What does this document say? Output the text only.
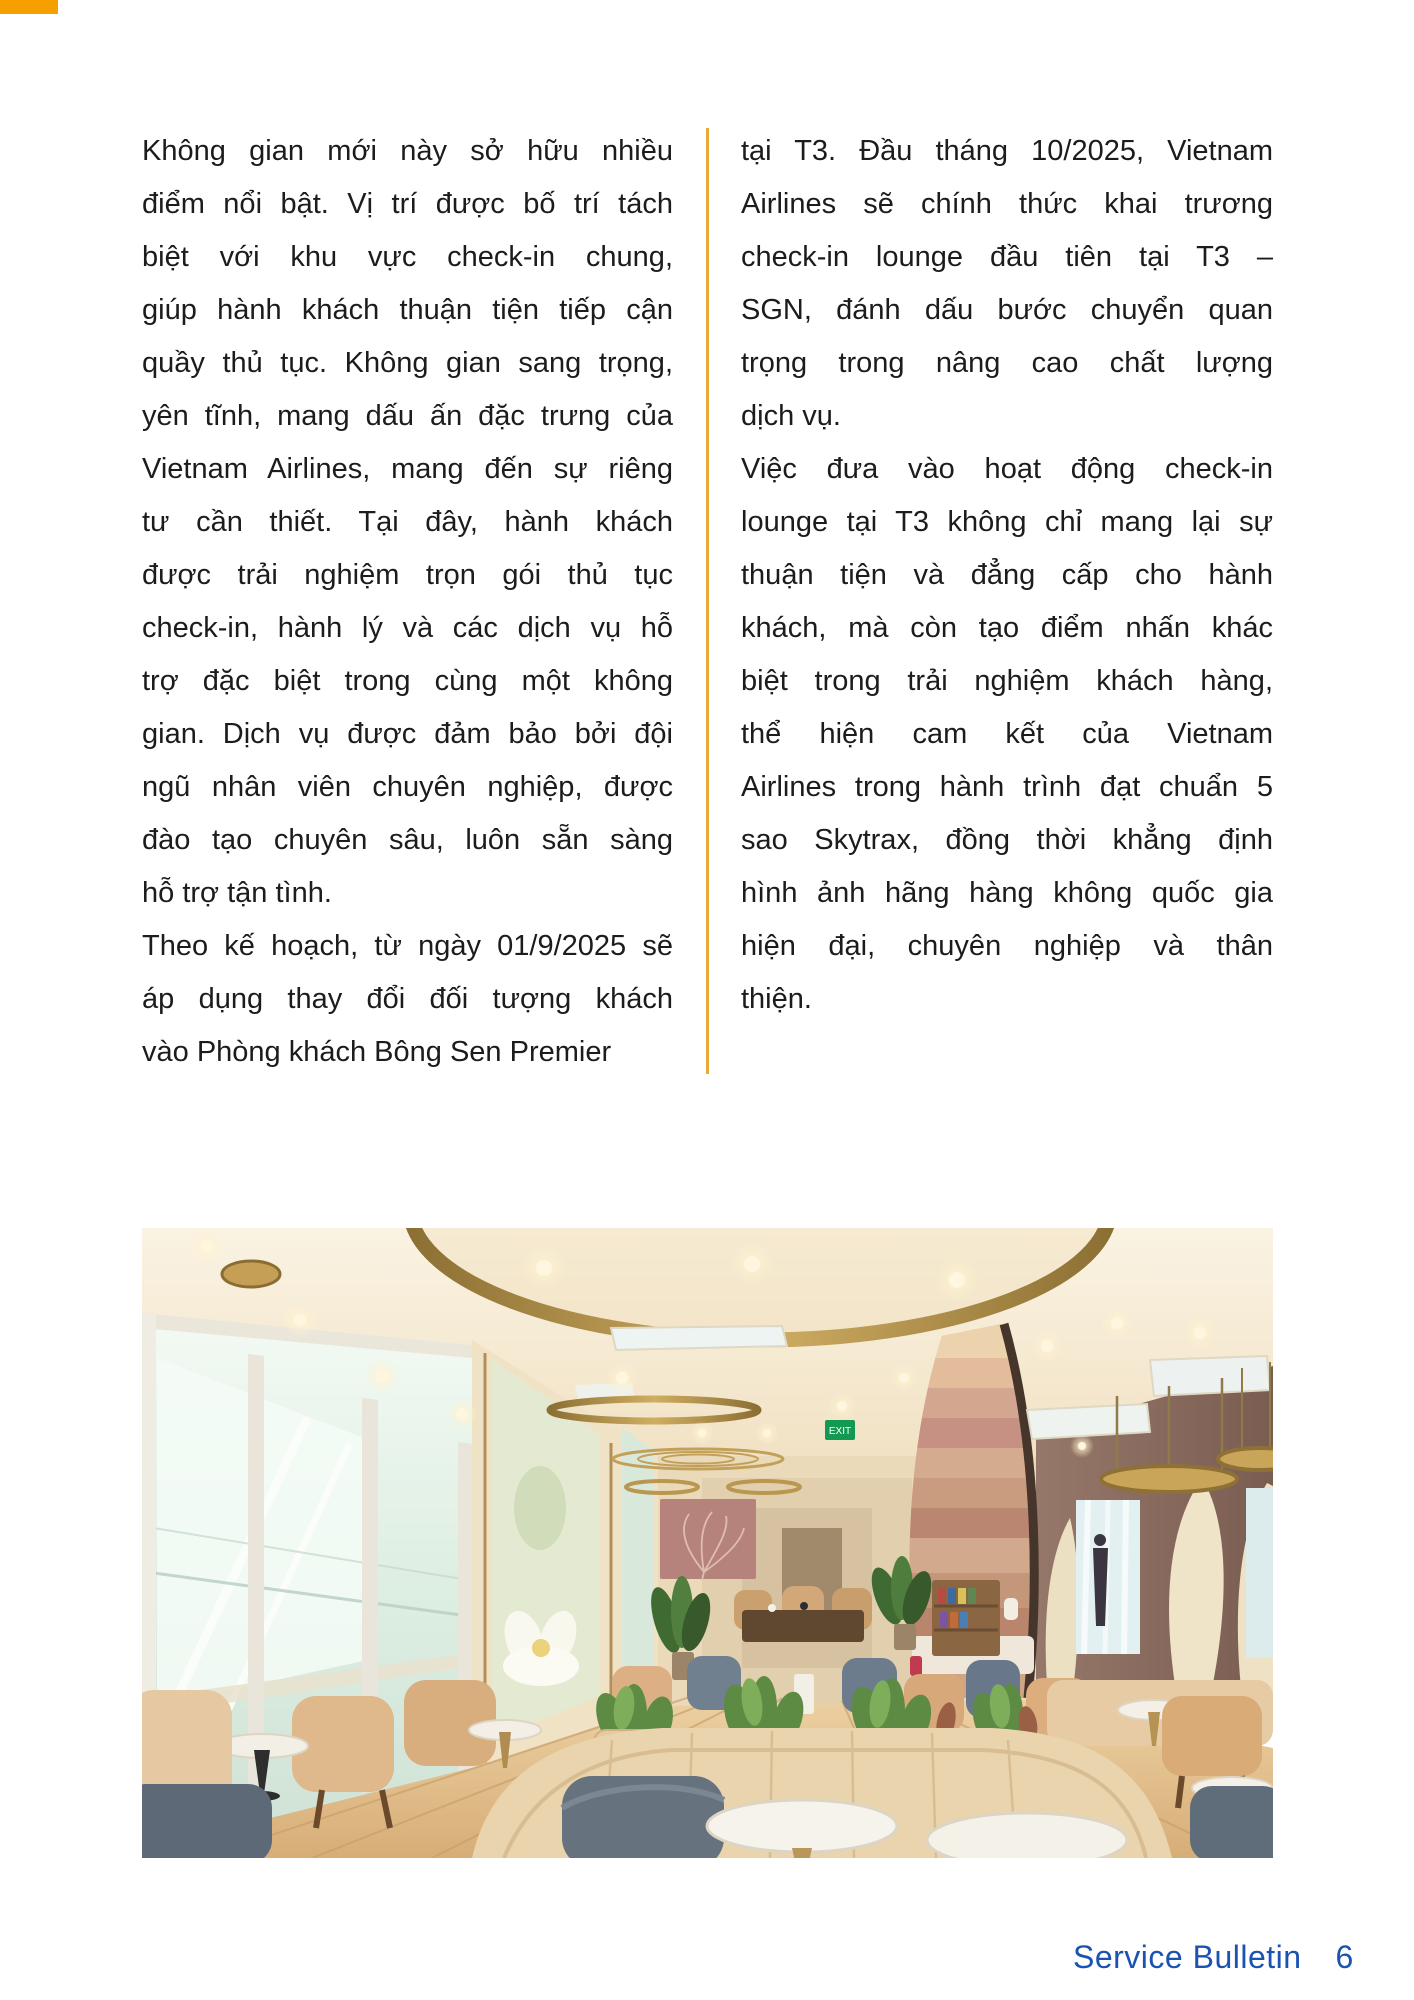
Không gian mới này sở hữu nhiều
điểm nổi bật. Vị trí được bố trí tách
biệt với khu vực check-in chung,
giúp hành khách thuận tiện tiếp cận
quầy thủ tục. Không gian sang trọng,
yên tĩnh, mang dấu ấn đặc trưng của
Vietnam Airlines, mang đến sự riêng
tư cần thiết. Tại đây, hành khách
được trải nghiệm trọn gói thủ tục
check-in, hành lý và các dịch vụ hỗ
trợ đặc biệt trong cùng một không
gian. Dịch vụ được đảm bảo bởi đội
ngũ nhân viên chuyên nghiệp, được
đào tạo chuyên sâu, luôn sẵn sàng
hỗ trợ tận tình.
Theo kế hoạch, từ ngày 01/9/2025 sẽ
áp dụng thay đổi đối tượng khách
vào Phòng khách Bông Sen Premier
tại T3. Đầu tháng 10/2025, Vietnam
Airlines sẽ chính thức khai trương
check-in lounge đầu tiên tại T3 –
SGN, đánh dấu bước chuyển quan
trọng trong nâng cao chất lượng
dịch vụ.
Việc đưa vào hoạt động check-in
lounge tại T3 không chỉ mang lại sự
thuận tiện và đẳng cấp cho hành
khách, mà còn tạo điểm nhấn khác
biệt trong trải nghiệm khách hàng,
thể hiện cam kết của Vietnam
Airlines trong hành trình đạt chuẩn 5
sao Skytrax, đồng thời khẳng định
hình ảnh hãng hàng không quốc gia
hiện đại, chuyên nghiệp và thân
thiện.
EXIT
Service Bulletin 6
